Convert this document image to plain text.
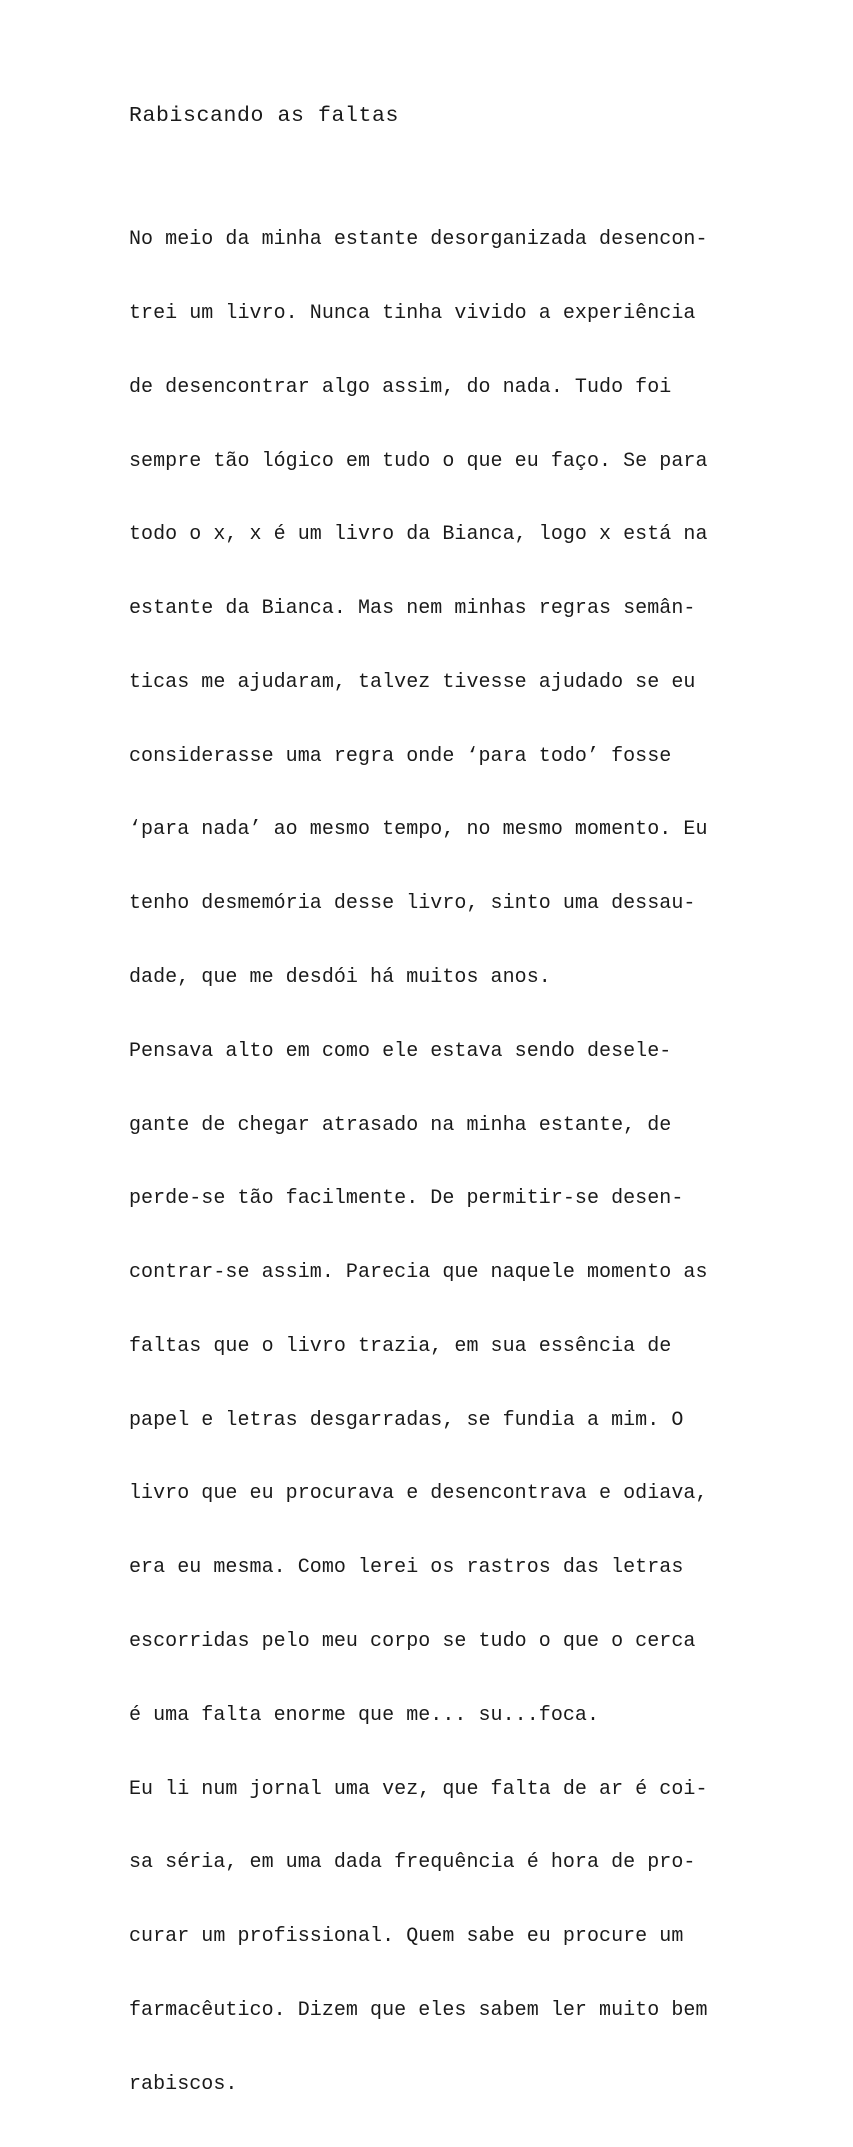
Rabiscando as faltas

No meio da minha estante desorganizada desencon-

trei um livro. Nunca tinha vivido a experiência

de desencontrar algo assim, do nada. Tudo foi

sempre tão lógico em tudo o que eu faço. Se para

todo o x, x é um livro da Bianca, logo x está na

estante da Bianca. Mas nem minhas regras semân-

ticas me ajudaram, talvez tivesse ajudado se eu

considerasse uma regra onde ‘para todo’ fosse

‘para nada’ ao mesmo tempo, no mesmo momento. Eu

tenho desmemória desse livro, sinto uma dessau-

dade, que me desdói há muitos anos.

Pensava alto em como ele estava sendo desele-

gante de chegar atrasado na minha estante, de

perde-se tão facilmente. De permitir-se desen-

contrar-se assim. Parecia que naquele momento as

faltas que o livro trazia, em sua essência de

papel e letras desgarradas, se fundia a mim. O

livro que eu procurava e desencontrava e odiava,

era eu mesma. Como lerei os rastros das letras

escorridas pelo meu corpo se tudo o que o cerca

é uma falta enorme que me... su...foca.

Eu li num jornal uma vez, que falta de ar é coi-

sa séria, em uma dada frequência é hora de pro-

curar um profissional. Quem sabe eu procure um

farmacêutico. Dizem que eles sabem ler muito bem

rabiscos.
